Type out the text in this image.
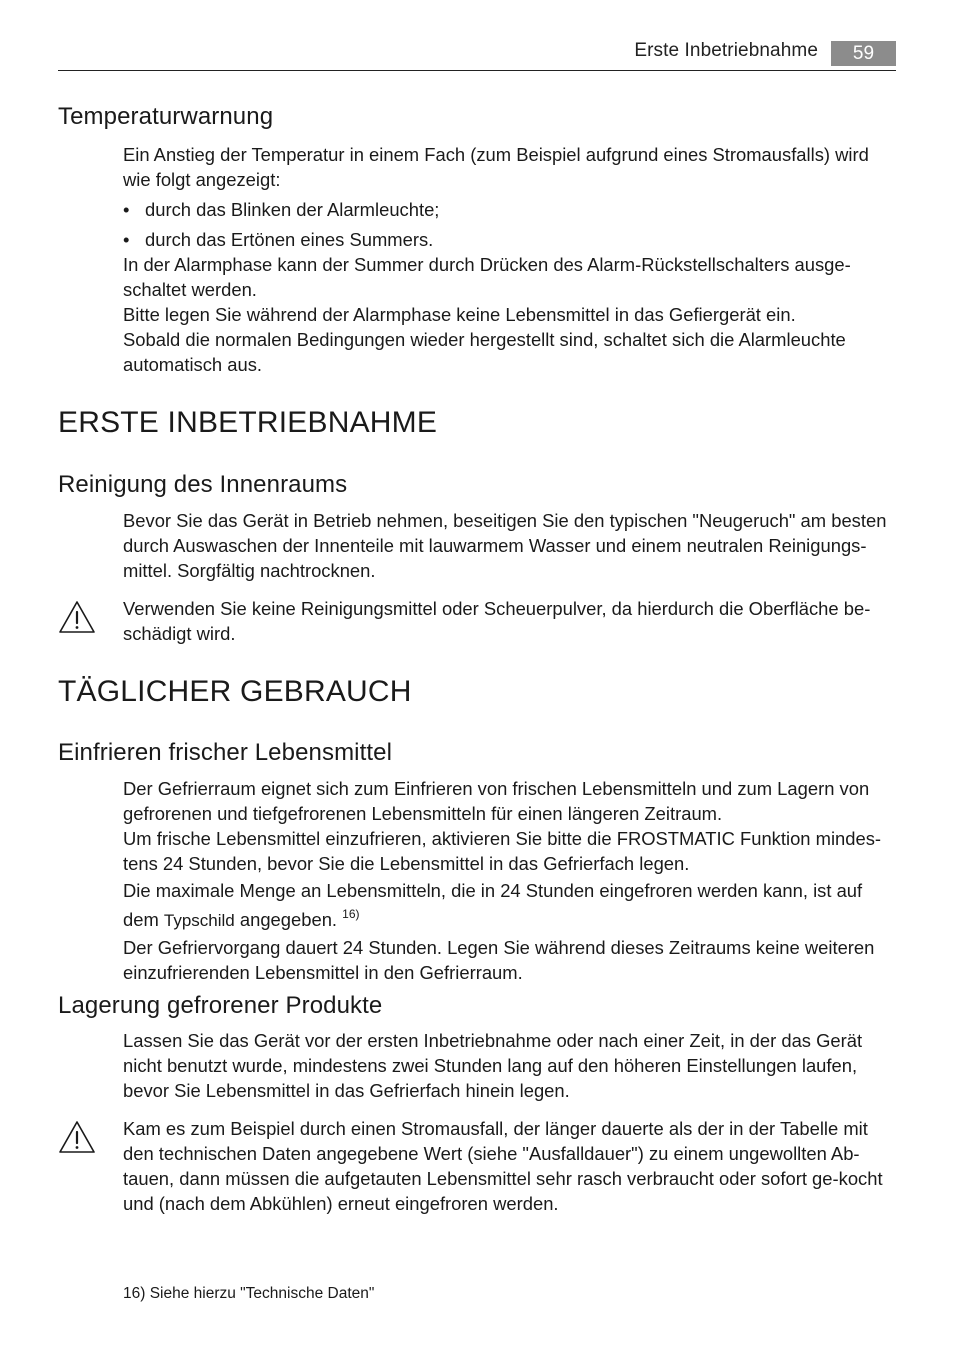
Erste Inbetriebnahme	59
Temperaturwarnung

Ein Anstieg der Temperatur in einem Fach (zum Beispiel aufgrund eines Stromausfalls) wird wie folgt angezeigt:

• durch das Blinken der Alarmleuchte;
• durch das Ertönen eines Summers.

In der Alarmphase kann der Summer durch Drücken des Alarm-Rückstellschalters ausge-schaltet werden.

Bitte legen Sie während der Alarmphase keine Lebensmittel in das Gefiergerät ein.

Sobald die normalen Bedingungen wieder hergestellt sind, schaltet sich die Alarmleuchte automatisch aus.

ERSTE INBETRIEBNAHME
Reinigung des Innenraums

Bevor Sie das Gerät in Betrieb nehmen, beseitigen Sie den typischen "Neugeruch" am besten durch Auswaschen der Innenteile mit lauwarmem Wasser und einem neutralen Reinigungs-mittel. Sorgfältig nachtrocknen.

Verwenden Sie keine Reinigungsmittel oder Scheuerpulver, da hierdurch die Oberfläche be-schädigt wird.

TÄGLICHER GEBRAUCH
Einfrieren frischer Lebensmittel

Der Gefrierraum eignet sich zum Einfrieren von frischen Lebensmitteln und zum Lagern von gefrorenen und tiefgefrorenen Lebensmitteln für einen längeren Zeitraum.

Um frische Lebensmittel einzufrieren, aktivieren Sie bitte die FROSTMATIC Funktion mindes-tens 24 Stunden, bevor Sie die Lebensmittel in das Gefrierfach legen.

Die maximale Menge an Lebensmitteln, die in 24 Stunden eingefroren werden kann, ist auf dem Typschild angegeben. $^{16)}$

Der Gefriervorgang dauert 24 Stunden. Legen Sie während dieses Zeitraums keine weiteren einzufrierenden Lebensmittel in den Gefrierraum.

Lagerung gefrorener Produkte

Lassen Sie das Gerät vor der ersten Inbetriebnahme oder nach einer Zeit, in der das Gerät nicht benutzt wurde, mindestens zwei Stunden lang auf den höheren Einstellungen laufen, bevor Sie Lebensmittel in das Gefrierfach hinein legen.

Kam es zum Beispiel durch einen Stromausfall, der länger dauerte als der in der Tabelle mit den technischen Daten angegebene Wert (siehe "Ausfalldauer") zu einem ungewollten Ab-tauen, dann müssen die aufgetauten Lebensmittel sehr rasch verbraucht oder sofort ge-kocht und (nach dem Abkühlen) erneut eingefroren werden.

16) Siehe hierzu "Technische Daten"
